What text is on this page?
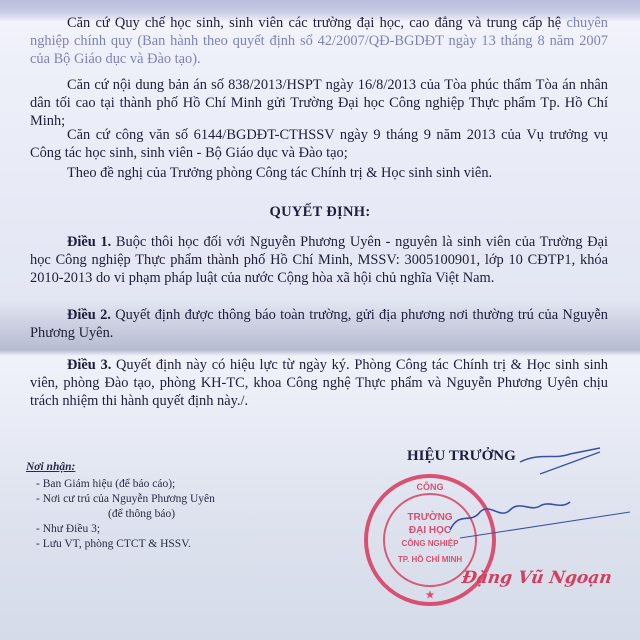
Căn cứ Quy chế học sinh, sinh viên các trường đại học, cao đẳng và trung cấp hệ chuyên nghiệp chính quy (Ban hành theo quyết định số 42/2007/QĐ-BGDĐT ngày 13 tháng 8 năm 2007 của Bộ Giáo dục và Đào tạo).
Căn cứ nội dung bản án số 838/2013/HSPT ngày 16/8/2013 của Tòa phúc thẩm Tòa án nhân dân tối cao tại thành phố Hồ Chí Minh gửi Trường Đại học Công nghiệp Thực phẩm Tp. Hồ Chí Minh;
Căn cứ công văn số 6144/BGDĐT-CTHSSV ngày 9 tháng 9 năm 2013 của Vụ trưởng vụ Công tác học sinh, sinh viên - Bộ Giáo dục và Đào tạo;
Theo đề nghị của Trưởng phòng Công tác Chính trị & Học sinh sinh viên.
QUYẾT ĐỊNH:
Điều 1. Buộc thôi học đối với Nguyễn Phương Uyên - nguyên là sinh viên của Trường Đại học Công nghiệp Thực phẩm thành phố Hồ Chí Minh, MSSV: 3005100901, lớp 10 CĐTP1, khóa 2010-2013 do vi phạm pháp luật của nước Cộng hòa xã hội chủ nghĩa Việt Nam.
Điều 2. Quyết định được thông báo toàn trường, gửi địa phương nơi thường trú của Nguyễn Phương Uyên.
Điều 3. Quyết định này có hiệu lực từ ngày ký. Phòng Công tác Chính trị & Học sinh sinh viên, phòng Đào tạo, phòng KH-TC, khoa Công nghệ Thực phẩm và Nguyễn Phương Uyên chịu trách nhiệm thi hành quyết định này./.
Nơi nhận:
- Ban Giám hiệu (để báo cáo);
- Nơi cư trú của Nguyễn Phương Uyên
(để thông báo)
- Như Điều 3;
- Lưu VT, phòng CTCT & HSSV.
HIỆU TRƯỞNG
CÔNG
TRƯỜNG
ĐẠI HỌC
CÔNG NGHIỆP
TP. HỒ CHÍ MINH
★
Đặng Vũ Ngoạn
